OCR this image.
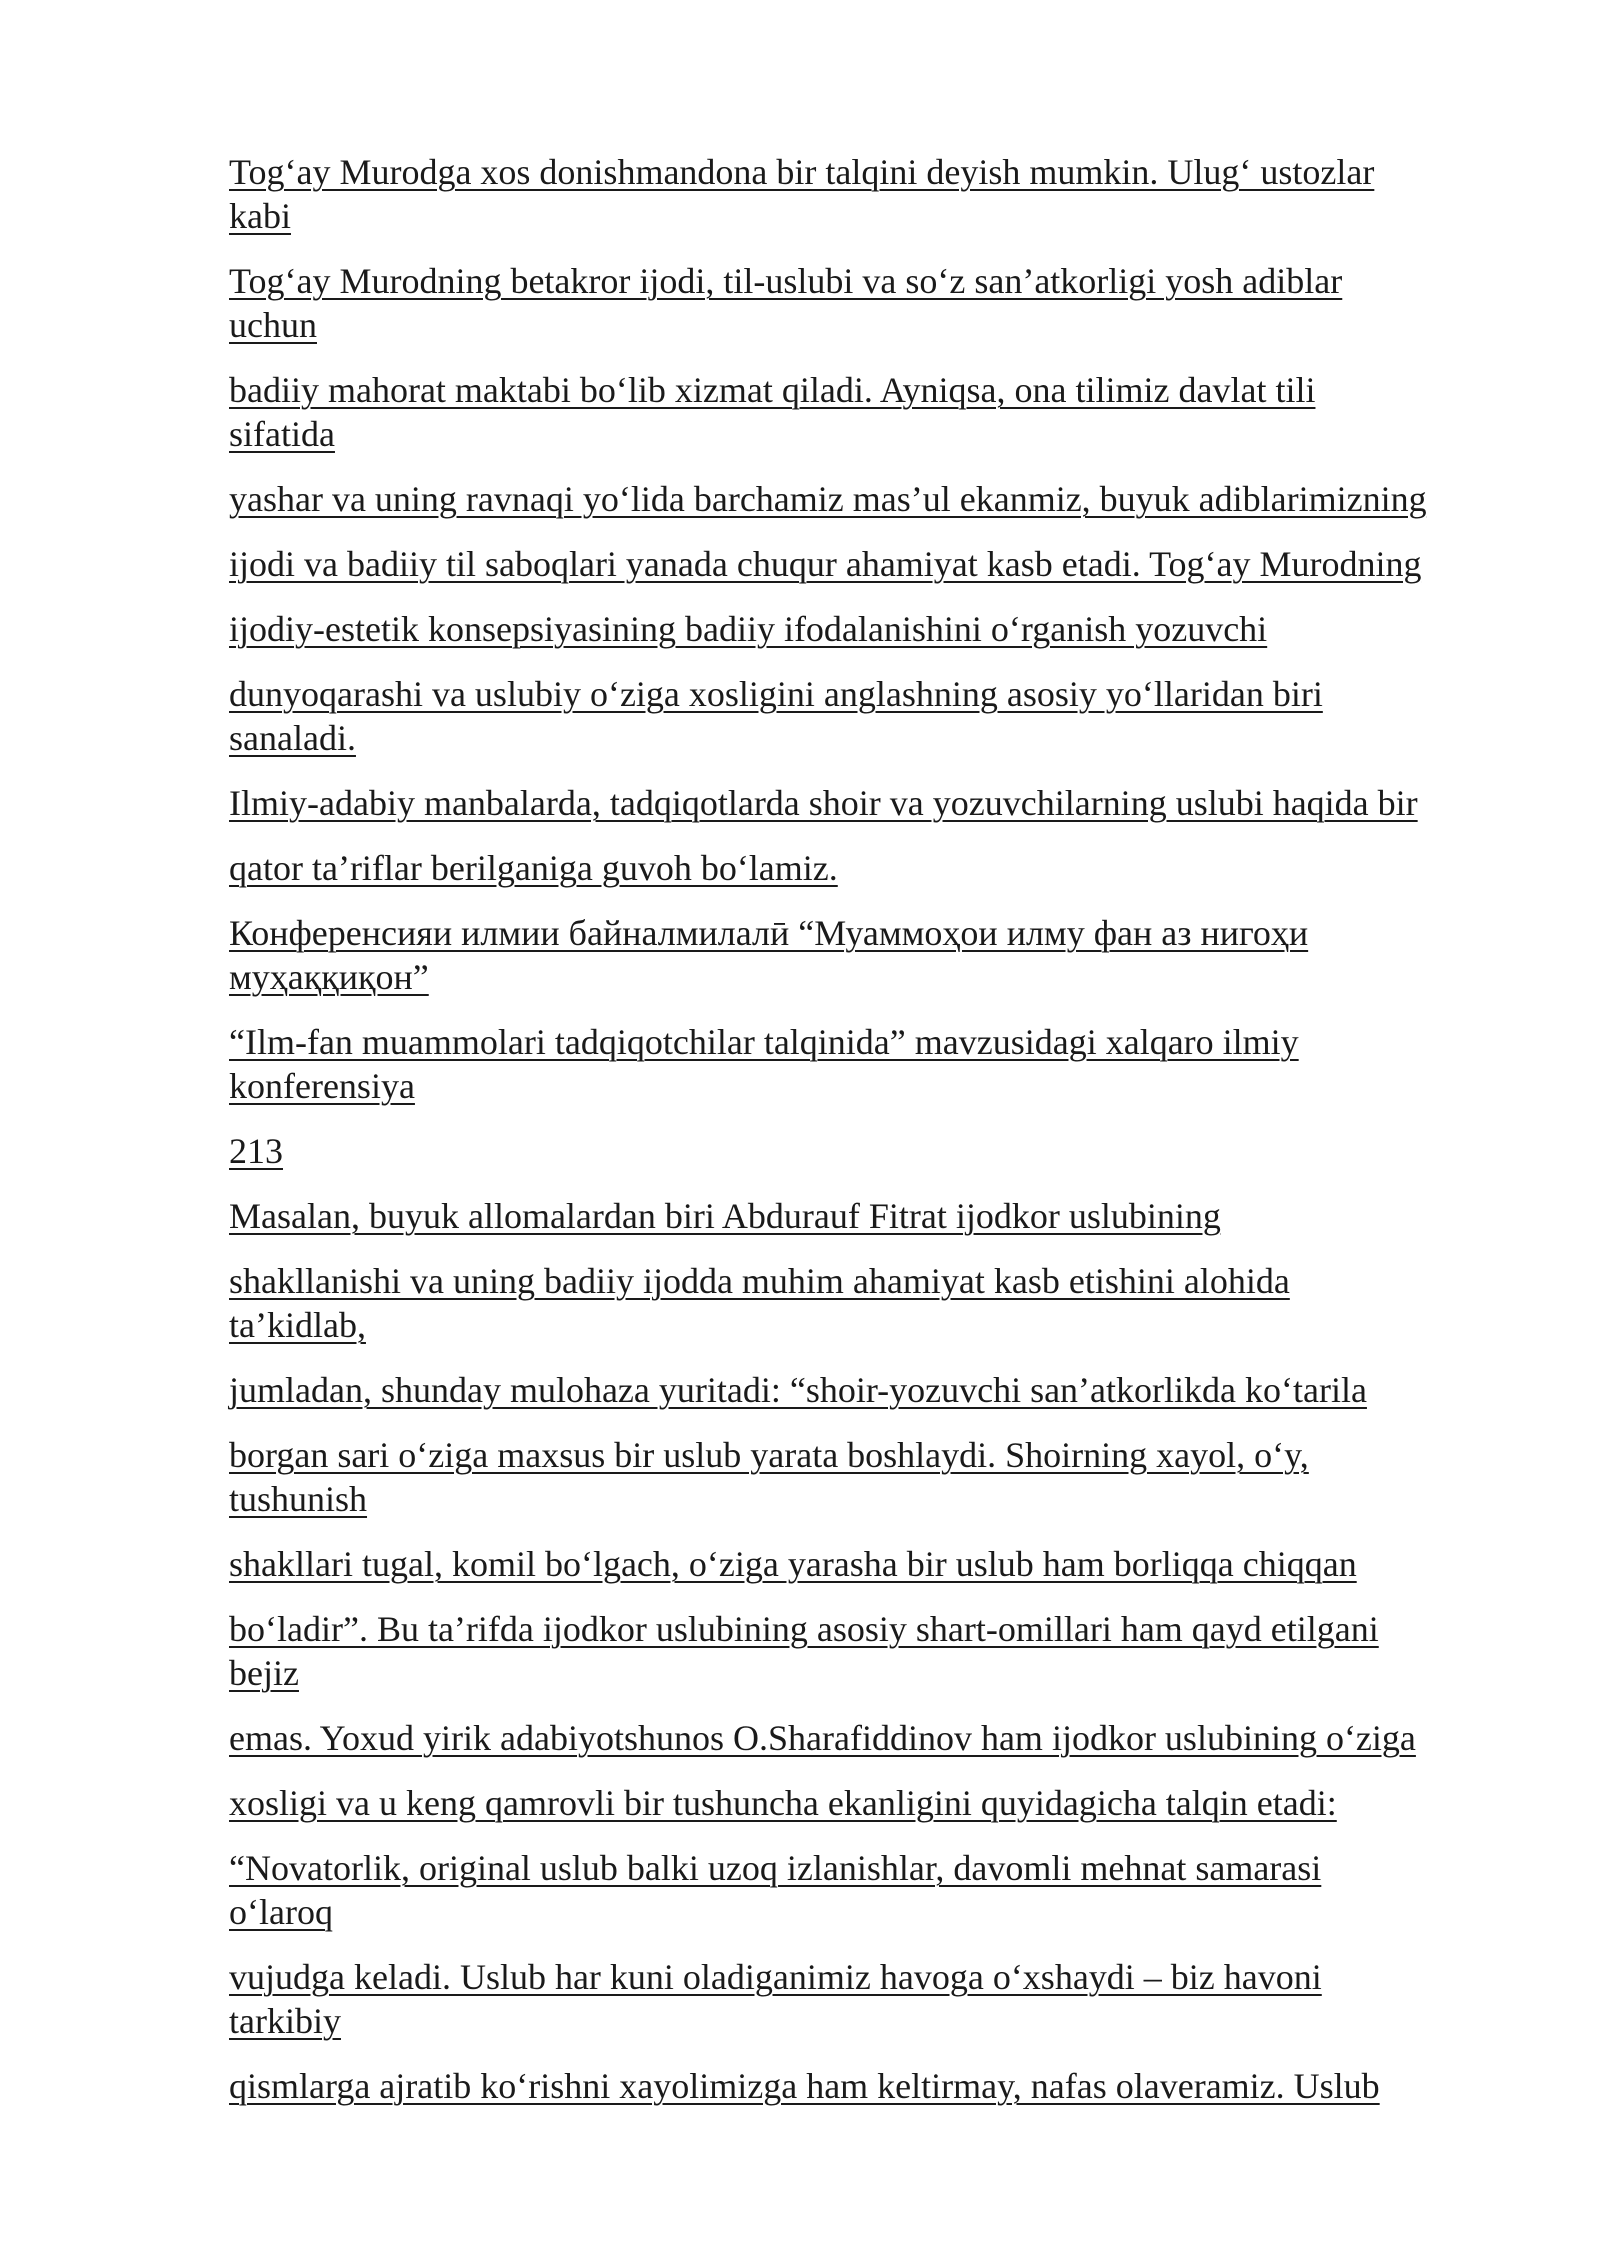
Tog‘ay Murodga xos donishmandona bir talqini deyish mumkin. Ulug‘ ustozlar
kabi

Tog‘ay Murodning betakror ijodi, til-uslubi va so‘z san’atkorligi yosh adiblar
uchun

badiiy mahorat maktabi bo‘lib xizmat qiladi. Ayniqsa, ona tilimiz davlat tili
sifatida

yashar va uning ravnaqi yo‘lida barchamiz mas’ul ekanmiz, buyuk adiblarimizning

ijodi va badiiy til saboqlari yanada chuqur ahamiyat kasb etadi. Tog‘ay Murodning

ijodiy-estetik konsepsiyasining badiiy ifodalanishini o‘rganish yozuvchi

dunyoqarashi va uslubiy o‘ziga xosligini anglashning asosiy yo‘llaridan biri
sanaladi.

Ilmiy-adabiy manbalarda, tadqiqotlarda shoir va yozuvchilarning uslubi haqida bir

qator ta’riflar berilganiga guvoh bo‘lamiz.

Конференсияи илмии байналмилалӣ “Муаммоҳои илму фан аз нигоҳи
муҳаққиқон”

“Ilm-fan muammolari tadqiqotchilar talqinida” mavzusidagi xalqaro ilmiy
konferensiya

213

Masalan, buyuk allomalardan biri Abdurauf Fitrat ijodkor uslubining

shakllanishi va uning badiiy ijodda muhim ahamiyat kasb etishini alohida
ta’kidlab,

jumladan, shunday mulohaza yuritadi: “shoir-yozuvchi san’atkorlikda ko‘tarila

borgan sari o‘ziga maxsus bir uslub yarata boshlaydi. Shoirning xayol, o‘y,
tushunish

shakllari tugal, komil bo‘lgach, o‘ziga yarasha bir uslub ham borliqqa chiqqan

bo‘ladir”. Bu ta’rifda ijodkor uslubining asosiy shart-omillari ham qayd etilgani
bejiz

emas. Yoxud yirik adabiyotshunos O.Sharafiddinov ham ijodkor uslubining o‘ziga

xosligi va u keng qamrovli bir tushuncha ekanligini quyidagicha talqin etadi:

“Novatorlik, original uslub balki uzoq izlanishlar, davomli mehnat samarasi
o‘laroq

vujudga keladi. Uslub har kuni oladiganimiz havoga o‘xshaydi – biz havoni
tarkibiy

qismlarga ajratib ko‘rishni xayolimizga ham keltirmay, nafas olaveramiz. Uslub
